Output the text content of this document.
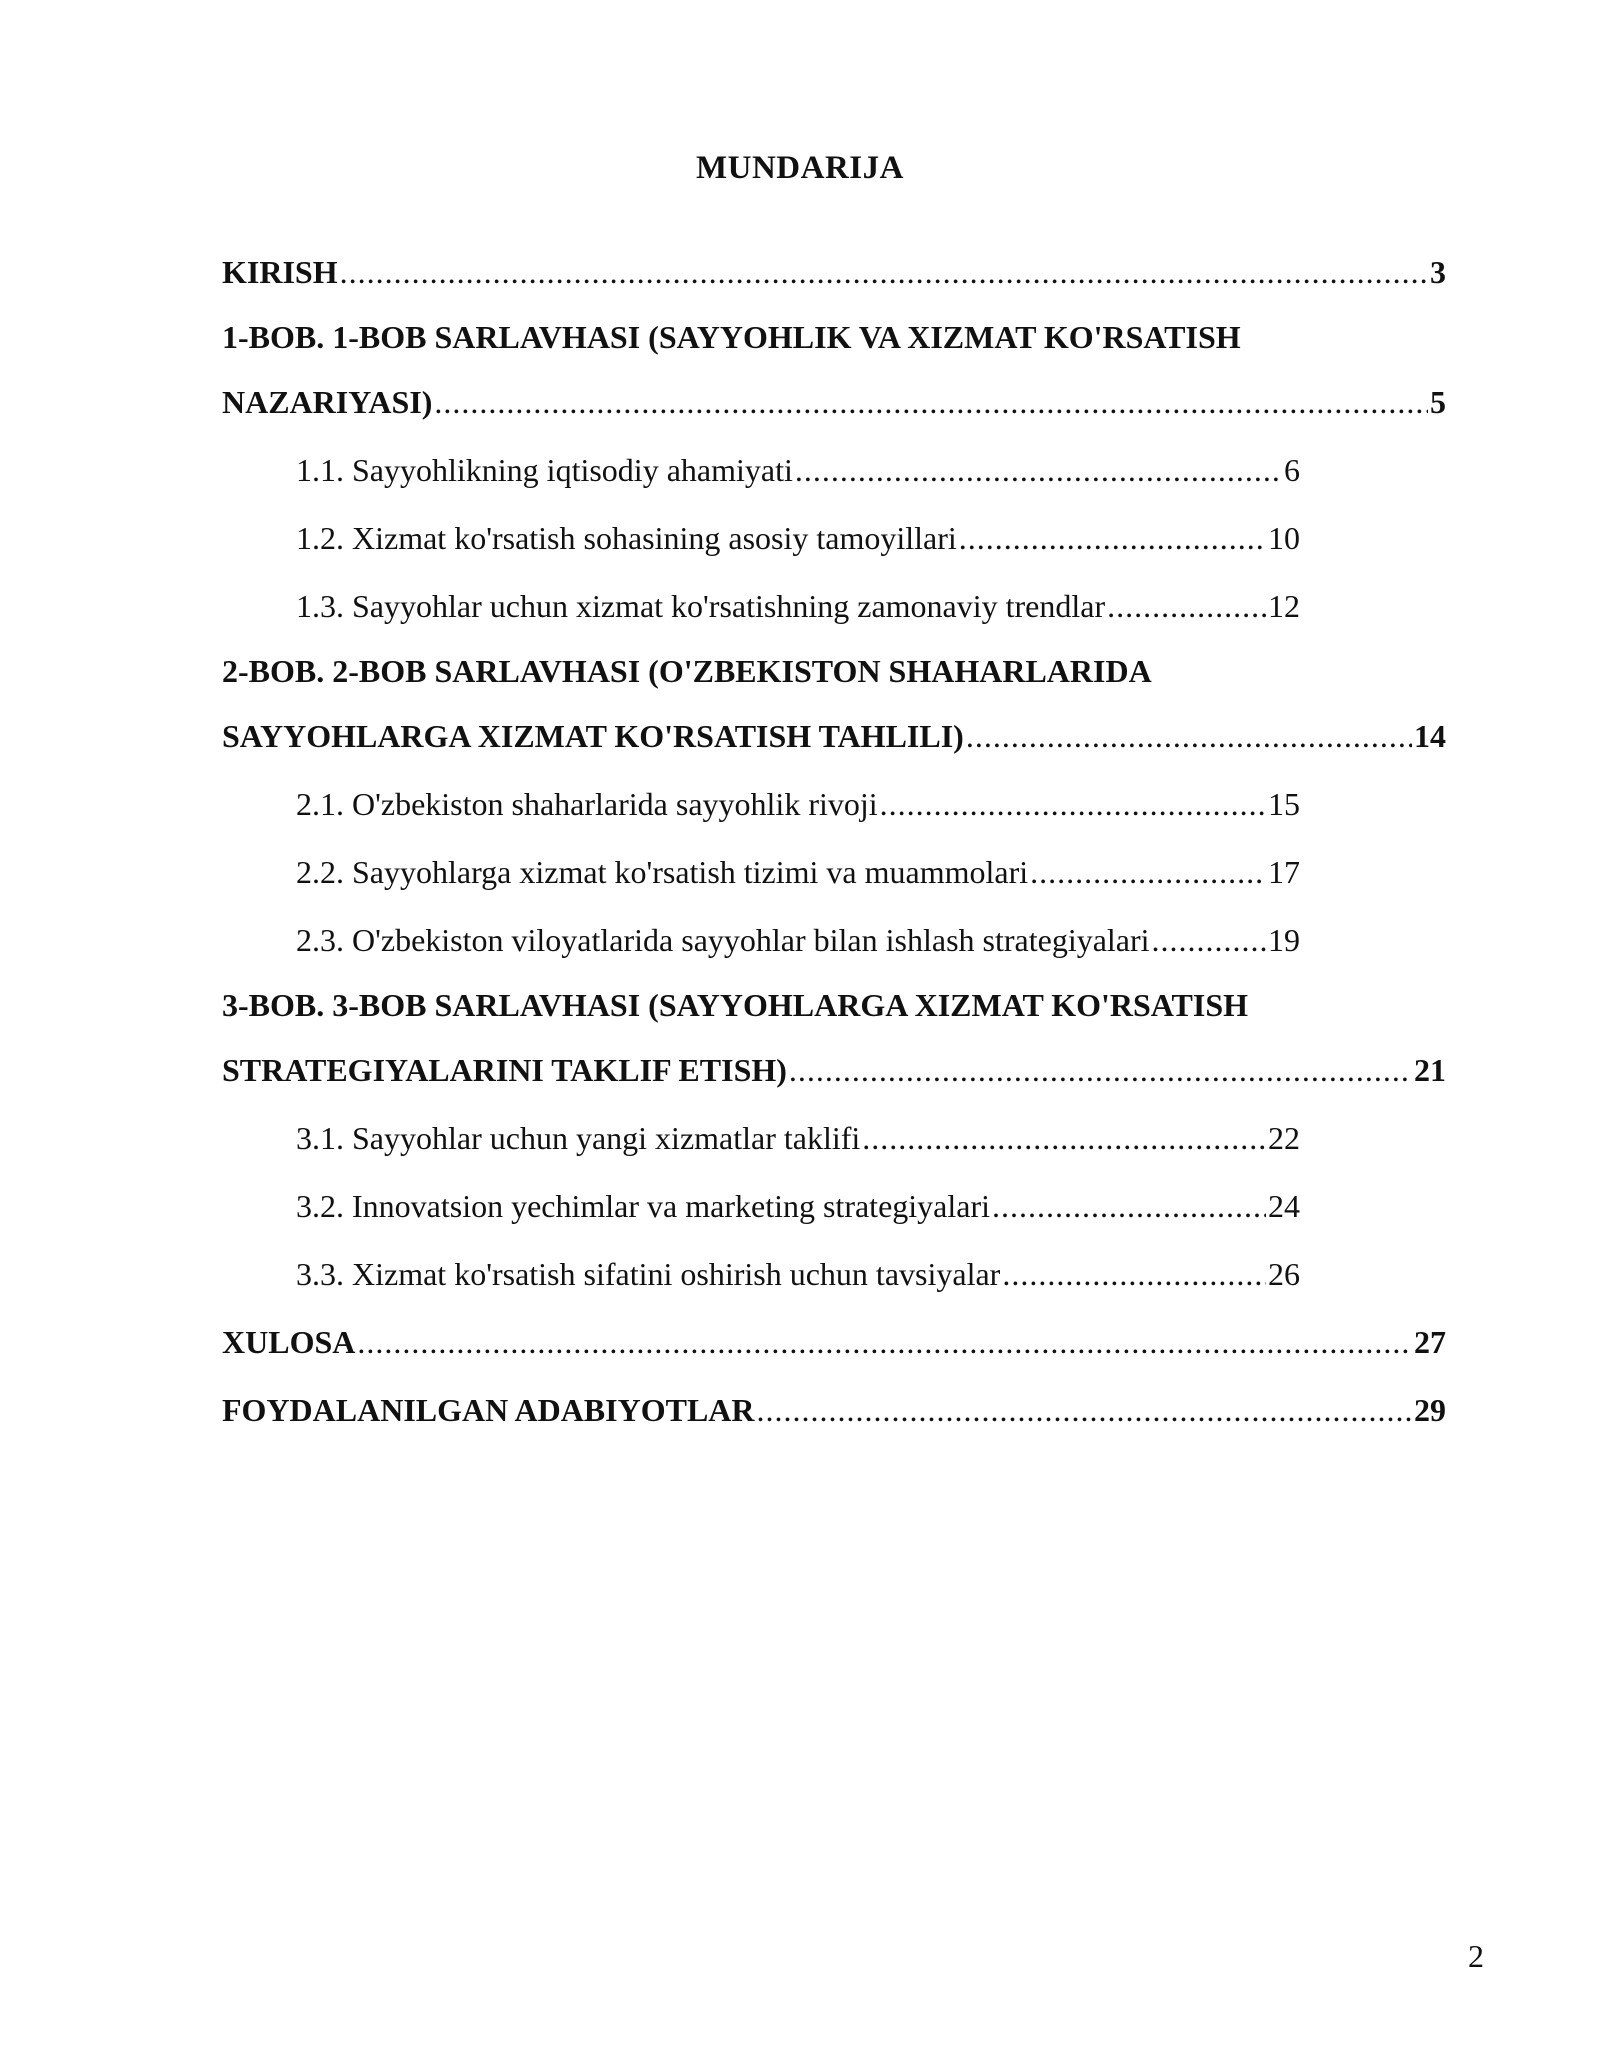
MUNDARIJA
KIRISH .....	3
1-BOB. 1-BOB SARLAVHASI (SAYYOHLIK VA XIZMAT KO'RSATISH
NAZARIYASI) .....	5
1.1. Sayyohlikning iqtisodiy ahamiyati .....	6
1.2. Xizmat ko'rsatish sohasining asosiy tamoyillari .....	10
1.3. Sayyohlar uchun xizmat ko'rsatishning zamonaviy trendlar .....	12
2-BOB. 2-BOB SARLAVHASI (O'ZBEKISTON SHAHARLARIDA
SAYYOHLARGA XIZMAT KO'RSATISH TAHLILI) .....	14
2.1. O'zbekiston shaharlarida sayyohlik rivoji .....	15
2.2. Sayyohlarga xizmat ko'rsatish tizimi va muammolari .....	17
2.3. O'zbekiston viloyatlarida sayyohlar bilan ishlash strategiyalari .....	19
3-BOB. 3-BOB SARLAVHASI (SAYYOHLARGA XIZMAT KO'RSATISH
STRATEGIYALARINI TAKLIF ETISH) .....	21
3.1. Sayyohlar uchun yangi xizmatlar taklifi .....	22
3.2. Innovatsion yechimlar va marketing strategiyalari .....	24
3.3. Xizmat ko'rsatish sifatini oshirish uchun tavsiyalar .....	26
XULOSA .....	27
FOYDALANILGAN ADABIYOTLAR .....	29
2
